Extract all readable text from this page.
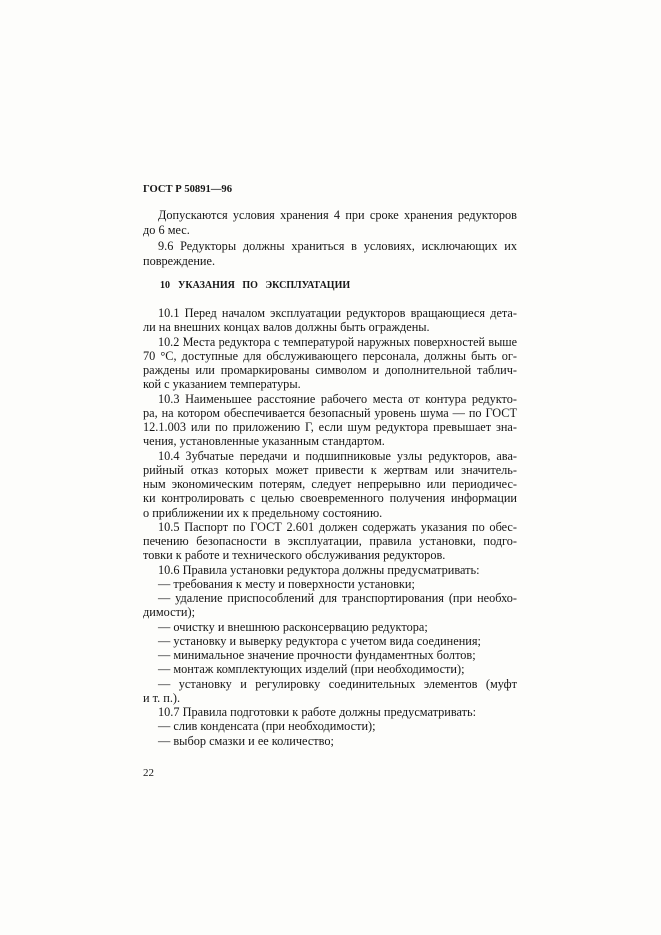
ГОСТ Р 50891—96
Допускаются условия хранения 4 при сроке хранения редукторов
до 6 мес.
9.6 Редукторы должны храниться в условиях, исключающих их
повреждение.
10 УКАЗАНИЯ ПО ЭКСПЛУАТАЦИИ
10.1 Перед началом эксплуатации редукторов вращающиеся дета-
ли на внешних концах валов должны быть ограждены.
10.2 Места редуктора с температурой наружных поверхностей выше
70 °С, доступные для обслуживающего персонала, должны быть ог-
раждены или промаркированы символом и дополнительной таблич-
кой с указанием температуры.
10.3 Наименьшее расстояние рабочего места от контура редукто-
ра, на котором обеспечивается безопасный уровень шума — по ГОСТ
12.1.003 или по приложению Г, если шум редуктора превышает зна-
чения, установленные указанным стандартом.
10.4 Зубчатые передачи и подшипниковые узлы редукторов, ава-
рийный отказ которых может привести к жертвам или значитель-
ным экономическим потерям, следует непрерывно или периодичес-
ки контролировать с целью своевременного получения информации
о приближении их к предельному состоянию.
10.5 Паспорт по ГОСТ 2.601 должен содержать указания по обес-
печению безопасности в эксплуатации, правила установки, подго-
товки к работе и технического обслуживания редукторов.
10.6 Правила установки редуктора должны предусматривать:
— требования к месту и поверхности установки;
— удаление приспособлений для транспортирования (при необхо-
димости);
— очистку и внешнюю расконсервацию редуктора;
— установку и выверку редуктора с учетом вида соединения;
— минимальное значение прочности фундаментных болтов;
— монтаж комплектующих изделий (при необходимости);
— установку и регулировку соединительных элементов (муфт
и т. п.).
10.7 Правила подготовки к работе должны предусматривать:
— слив конденсата (при необходимости);
— выбор смазки и ее количество;
22
